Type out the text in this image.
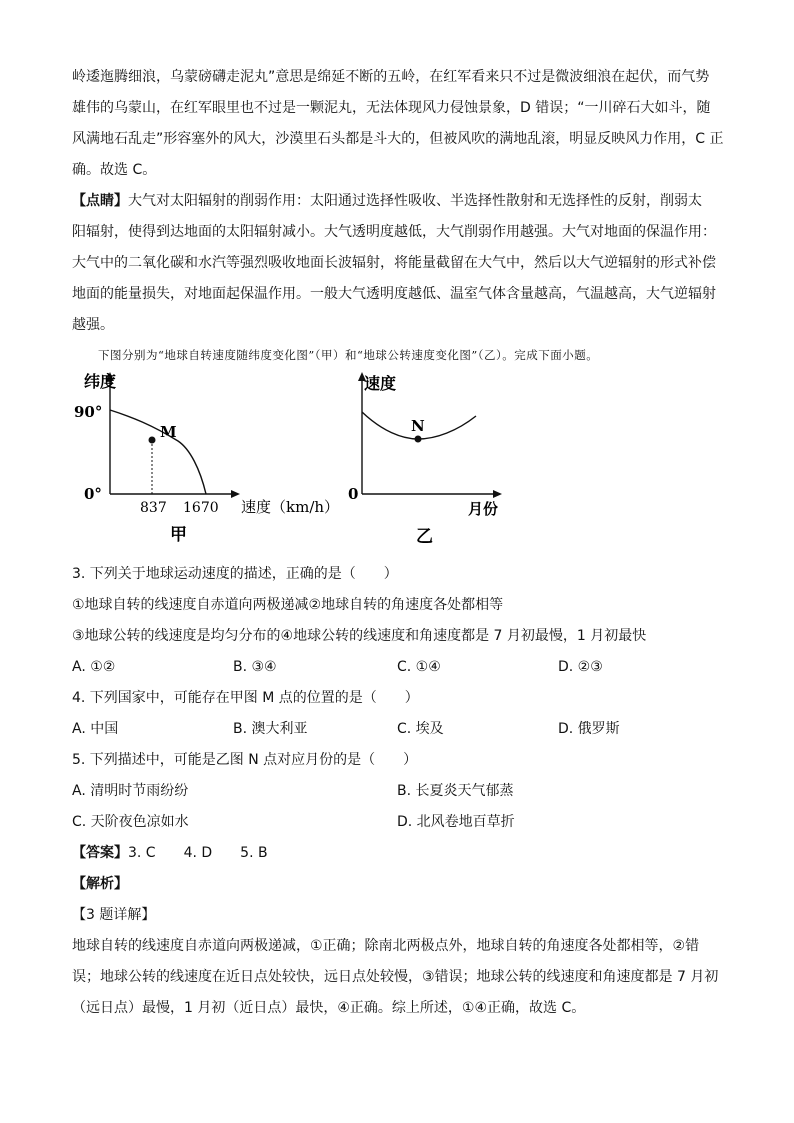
岭逶迤腾细浪，乌蒙磅礴走泥丸”意思是绵延不断的五岭，在红军看来只不过是微波细浪在起伏，而气势
雄伟的乌蒙山，在红军眼里也不过是一颗泥丸，无法体现风力侵蚀景象，D 错误；“一川碎石大如斗，随
风满地石乱走”形容塞外的风大，沙漠里石头都是斗大的，但被风吹的满地乱滚，明显反映风力作用，C 正
确。故选 C。
【点睛】大气对太阳辐射的削弱作用：太阳通过选择性吸收、半选择性散射和无选择性的反射，削弱太
阳辐射，使得到达地面的太阳辐射减小。大气透明度越低，大气削弱作用越强。大气对地面的保温作用：
大气中的二氧化碳和水汽等强烈吸收地面长波辐射，将能量截留在大气中，然后以大气逆辐射的形式补偿
地面的能量损失，对地面起保温作用。一般大气透明度越低、温室气体含量越高，气温越高，大气逆辐射
越强。
下图分别为“地球自转速度随纬度变化图”（甲）和“地球公转速度变化图”（乙）。完成下面小题。
纬度
90°
0°
M
837 1670 速度（km/h）
甲
速度
0
N
月份
乙
3. 下列关于地球运动速度的描述，正确的是（　　）
①地球自转的线速度自赤道向两极递减②地球自转的角速度各处都相等
③地球公转的线速度是均匀分布的④地球公转的线速度和角速度都是 7 月初最慢，1 月初最快
A. ①②	B. ③④	C. ①④	D. ②③
4. 下列国家中，可能存在甲图 M 点的位置的是（　　）
A. 中国	B. 澳大利亚	C. 埃及	D. 俄罗斯
5. 下列描述中，可能是乙图 N 点对应月份的是（　　）
A. 清明时节雨纷纷	B. 长夏炎天气郁蒸
C. 天阶夜色凉如水	D. 北风卷地百草折
【答案】3. C　　4. D　　5. B
【解析】
【3 题详解】
地球自转的线速度自赤道向两极递减，①正确；除南北两极点外，地球自转的角速度各处都相等，②错
误；地球公转的线速度在近日点处较快，远日点处较慢，③错误；地球公转的线速度和角速度都是 7 月初
（远日点）最慢，1 月初（近日点）最快，④正确。综上所述，①④正确，故选 C。
